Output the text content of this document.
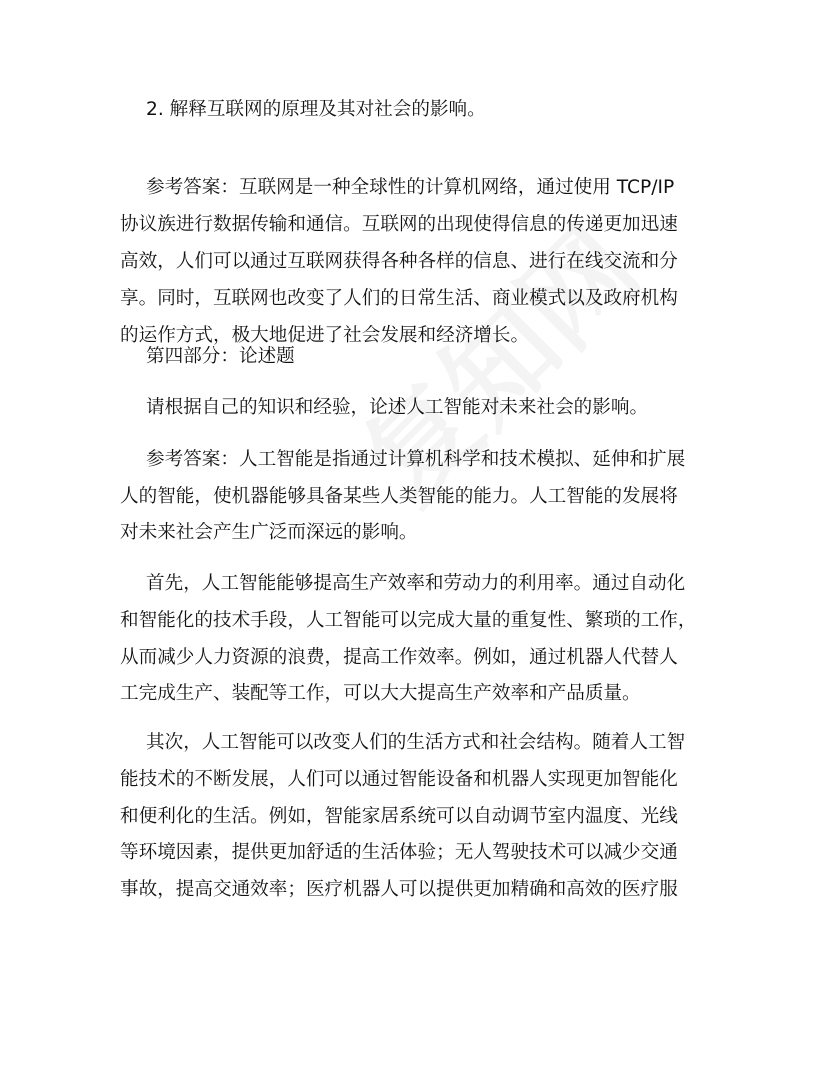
2. 解释互联网的原理及其对社会的影响。
参考答案：互联网是一种全球性的计算机网络，通过使用 TCP/IP
协议族进行数据传输和通信。互联网的出现使得信息的传递更加迅速
高效，人们可以通过互联网获得各种各样的信息、进行在线交流和分
享。同时，互联网也改变了人们的日常生活、商业模式以及政府机构
的运作方式，极大地促进了社会发展和经济增长。
第四部分：论述题
请根据自己的知识和经验，论述人工智能对未来社会的影响。
参考答案：人工智能是指通过计算机科学和技术模拟、延伸和扩展
人的智能，使机器能够具备某些人类智能的能力。人工智能的发展将
对未来社会产生广泛而深远的影响。
首先，人工智能能够提高生产效率和劳动力的利用率。通过自动化
和智能化的技术手段，人工智能可以完成大量的重复性、繁琐的工作，
从而减少人力资源的浪费，提高工作效率。例如，通过机器人代替人
工完成生产、装配等工作，可以大大提高生产效率和产品质量。
其次，人工智能可以改变人们的生活方式和社会结构。随着人工智
能技术的不断发展，人们可以通过智能设备和机器人实现更加智能化
和便利化的生活。例如，智能家居系统可以自动调节室内温度、光线
等环境因素，提供更加舒适的生活体验；无人驾驶技术可以减少交通
事故，提高交通效率；医疗机器人可以提供更加精确和高效的医疗服
